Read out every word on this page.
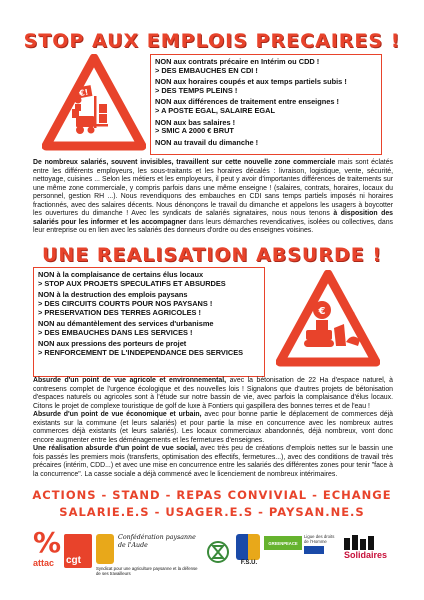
STOP AUX EMPLOIS PRECAIRES !
€!

NON aux contrats précaire en Intérim ou CDD !

> DES EMBAUCHES EN CDI !

NON aux horaires coupés et aux temps partiels subis !

> DES TEMPS PLEINS !

NON aux différences de traitement entre enseignes !

> A POSTE EGAL, SALAIRE EGAL

NON aux bas salaires !

> SMIC A 2000 € BRUT

NON au travail du dimanche !

De nombreux salariés, souvent invisibles, travaillent sur cette nouvelle zone commerciale mais sont éclatés entre les différents employeurs, les sous-traitants et les horaires décalés : livraison, logistique, vente, sécurité, nettoyage, cuisines ... Selon les métiers et les employeurs, il peut y avoir d'importantes différences de traitements sur une même zone commerciale, y compris parfois dans une même enseigne ! (salaires, contrats, horaires, locaux du personnel, gestion RH ...). Nous revendiquons des embauches en CDI sans temps partiels imposés ni horaires fractionnés, avec des salaires décents. Nous dénonçons le travail du dimanche et appelons les usagers à boycotter les ouvertures du dimanche ! Avec les syndicats de salariés signataires, nous nous tenons à disposition des salariés pour les informer et les accompagner dans leurs démarches revendicatives, isolées ou collectives, dans leur entreprise ou en lien avec les salariés des donneurs d'ordre ou des enseignes voisines.

UNE REALISATION ABSURDE !

NON à la complaisance de certains élus locaux

> STOP AUX PROJETS SPECULATIFS ET ABSURDES

NON à la destruction des emplois paysans

> DES CIRCUITS COURTS POUR NOS PAYSANS !

> PRESERVATION DES TERRES AGRICOLES !

NON au démantèlement des services d'urbanisme

> DES EMBAUCHES DANS LES SERVICES !

NON aux pressions des porteurs de projet

> RENFORCEMENT DE L'INDEPENDANCE DES SERVICES

€

Absurde d'un point de vue agricole et environnemental, avec la bétonisation de 22 Ha d'espace naturel, à contresens complet de l'urgence écologique et des nouvelles lois ! Signalons que d'autres projets de bétonisation d'espaces naturels ou agricoles sont à l'étude sur notre bassin de vie, avec parfois la complaisance d'élus locaux. Citons le projet de complexe touristique de golf de luxe à Fontiers qui gaspillera des bonnes terres et de l'eau !
Absurde d'un point de vue économique et urbain, avec pour bonne partie le déplacement de commerces déjà existants sur la commune (et leurs salariés) et pour partie la mise en concurrence avec les nombreux autres commerces déjà existants (et leurs salariés). Les locaux commerciaux abandonnés, déjà nombreux, vont donc encore augmenter entre les déménagements et les fermetures d'enseignes.

Une réalisation absurde d'un point de vue social, avec très peu de créations d'emplois nettes sur le bassin une fois passés les premiers mois (transferts, optimisation des effectifs, fermetures...), avec des conditions de travail très précaires (intérim, CDD...) et avec une mise en concurrence entre les salariés des différentes zones pour tenir "face à la concurrence". La casse sociale a déjà commencé avec le licenciement de nombreux intérimaires.

ACTIONS - STAND - REPAS CONVIVIAL - ECHANGE
SALARIE.E.S - USAGER.E.S - PAYSAN.NE.S
%
attac	cgt
Confédération paysanne de l'Aude
Syndicat pour une agriculture paysanne et la défense de ses travailleurs
F.S.U.
GREENPEACE
Ligue des droits de l'Homme
Solidaires
